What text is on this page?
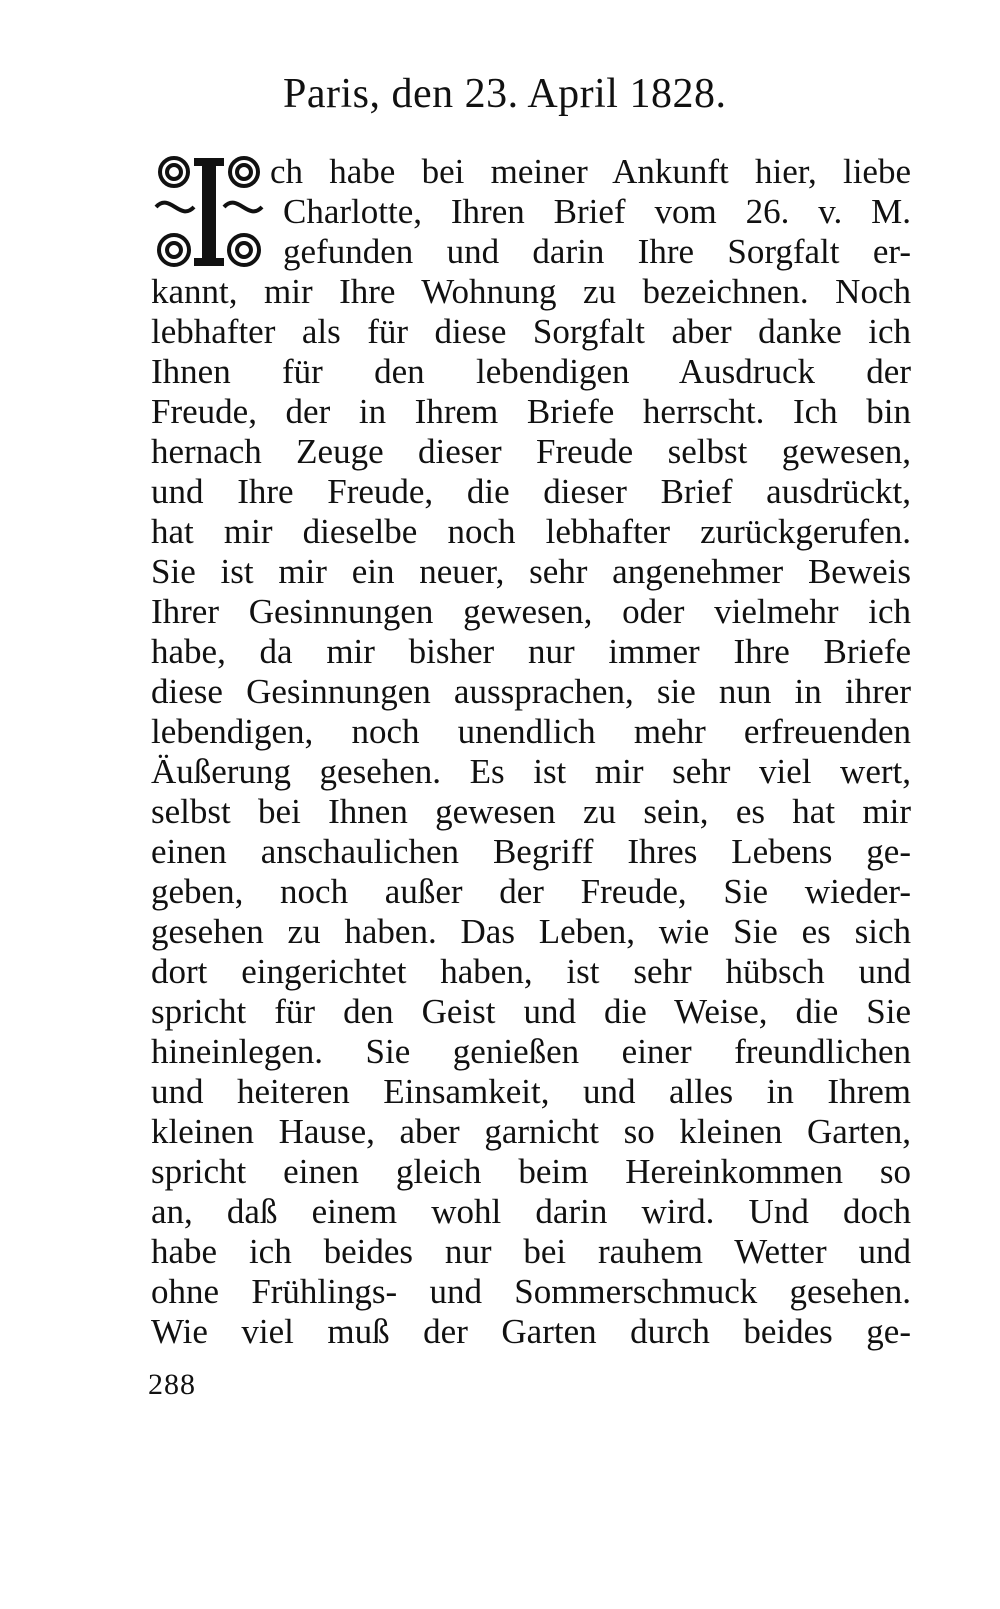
Paris, den 23. April 1828.
ch habe bei meiner Ankunft hier, liebe
Charlotte, Ihren Brief vom 26. v. M.
gefunden und darin Ihre Sorgfalt er-
kannt, mir Ihre Wohnung zu bezeichnen. Noch
lebhafter als für diese Sorgfalt aber danke ich
Ihnen für den lebendigen Ausdruck der
Freude, der in Ihrem Briefe herrscht. Ich bin
hernach Zeuge dieser Freude selbst gewesen,
und Ihre Freude, die dieser Brief ausdrückt,
hat mir dieselbe noch lebhafter zurückgerufen.
Sie ist mir ein neuer, sehr angenehmer Beweis
Ihrer Gesinnungen gewesen, oder vielmehr ich
habe, da mir bisher nur immer Ihre Briefe
diese Gesinnungen aussprachen, sie nun in ihrer
lebendigen, noch unendlich mehr erfreuenden
Äußerung gesehen. Es ist mir sehr viel wert,
selbst bei Ihnen gewesen zu sein, es hat mir
einen anschaulichen Begriff Ihres Lebens ge-
geben, noch außer der Freude, Sie wieder-
gesehen zu haben. Das Leben, wie Sie es sich
dort eingerichtet haben, ist sehr hübsch und
spricht für den Geist und die Weise, die Sie
hineinlegen. Sie genießen einer freundlichen
und heiteren Einsamkeit, und alles in Ihrem
kleinen Hause, aber garnicht so kleinen Garten,
spricht einen gleich beim Hereinkommen so
an, daß einem wohl darin wird. Und doch
habe ich beides nur bei rauhem Wetter und
ohne Frühlings- und Sommerschmuck gesehen.
Wie viel muß der Garten durch beides ge-
288
